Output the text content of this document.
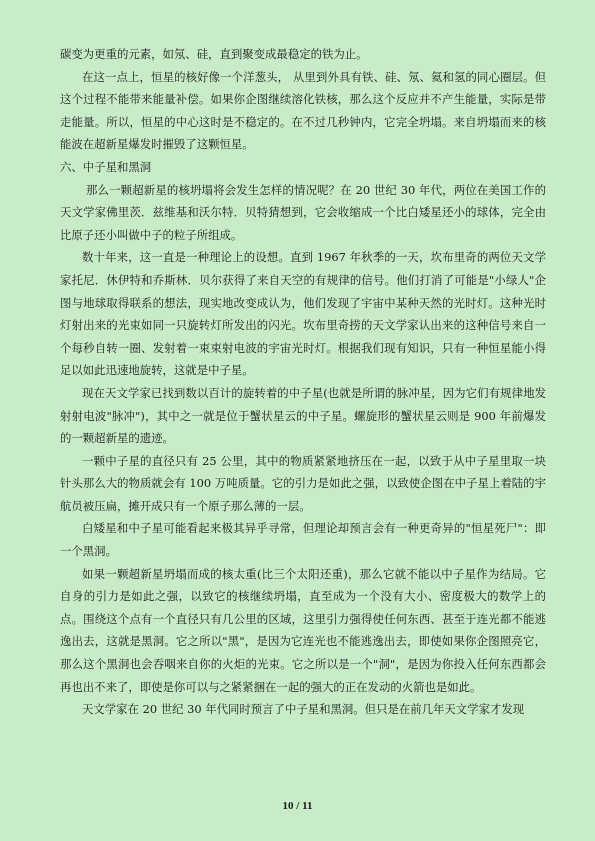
碳变为更重的元素，如氖、硅，直到聚变成最稳定的铁为止。

在这一点上，恒星的核好像一个洋葱头， 从里到外具有铁、硅、氖、氦和氢的同心圈层。但这个过程不能带来能量补偿。如果你企图继续溶化铁核，那么这个反应并不产生能量，实际是带走能量。所以，恒星的中心这时是不稳定的。在不过几秒钟内，它完全坍塌。来自坍塌而来的核能波在超新星爆发时摧毁了这颗恒星。

六、中子星和黑洞

那么一颗超新星的核坍塌将会发生怎样的情况呢？在 20 世纪 30 年代，两位在美国工作的天文学家佛里茨．兹维基和沃尔特．贝特猜想到，它会收缩成一个比白矮星还小的球体，完全由比原子还小叫做中子的粒子所组成。

数十年来，这一直是一种理论上的设想。直到 1967 年秋季的一天，坎布里奇的两位天文学家托尼．休伊特和乔斯林．贝尔获得了来自天空的有规律的信号。他们打消了可能是"小绿人"企图与地球取得联系的想法，现实地改变成认为，他们发现了宇宙中某种天然的光时灯。这种光时灯射出来的光束如同一只旋转灯所发出的闪光。坎布里奇捞的天文学家认出来的这种信号来自一个每秒自转一圈、发射着一束束射电波的宇宙光时灯。根据我们现有知识，只有一种恒星能小得足以如此迅速地旋转，这就是中子星。

现在天文学家已找到数以百计的旋转着的中子星(也就是所谓的脉冲星，因为它们有规律地发射射电波"脉冲")，其中之一就是位于蟹状星云的中子星。螺旋形的蟹状星云则是 900 年前爆发的一颗超新星的遗迹。

一颗中子星的直径只有 25 公里，其中的物质紧紧地挤压在一起，以致于从中子星里取一块针头那么大的物质就会有 100 万吨质量。它的引力是如此之强，以致使企图在中子星上着陆的宇航员被压扁，摊开成只有一个原子那么薄的一层。

白矮星和中子星可能看起来极其异乎寻常，但理论却预言会有一种更奇异的"恒星死尸"：即一个黑洞。

如果一颗超新星坍塌而成的核太重(比三个太阳还重)，那么它就不能以中子星作为结局。它自身的引力是如此之强，以致它的核继续坍塌，直至成为一个没有大小、密度极大的数学上的点。围绕这个点有一个直径只有几公里的区域，这里引力强得使任何东西、甚至于连光都不能逃逸出去，这就是黑洞。它之所以"黑"，是因为它连光也不能逃逸出去，即使如果你企图照亮它，那么这个黑洞也会吞咽来自你的火炬的光束。它之所以是一个"洞"，是因为你投入任何东西都会再也出不来了，即使是你可以与之紧紧捆在一起的强大的正在发动的火箭也是如此。

天文学家在 20 世纪 30 年代同时预言了中子星和黑洞。但只是在前几年天文学家才发现

10 / 11
